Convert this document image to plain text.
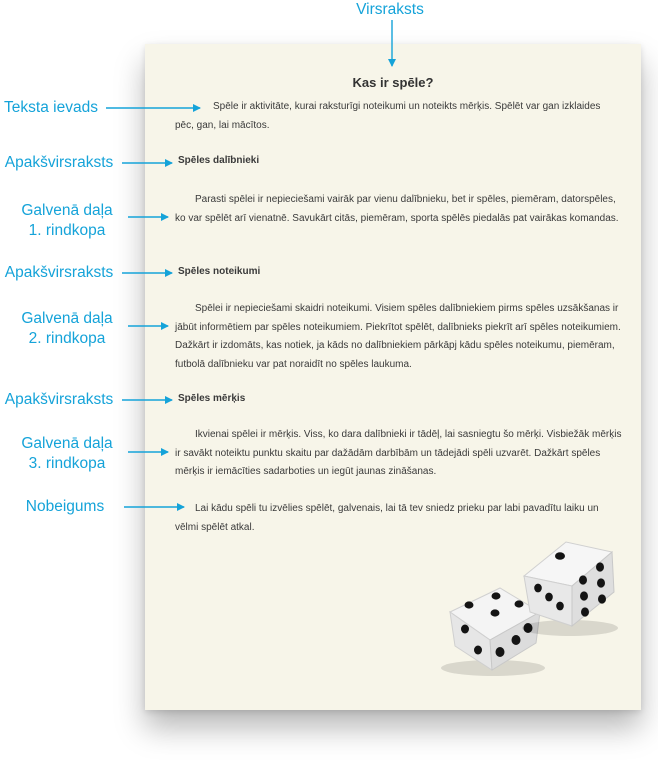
Kas ir spēle?
Spēle ir aktivitāte, kurai raksturīgi noteikumi un noteikts mērķis. Spēlēt var gan izklaides
pēc, gan, lai mācītos.
Spēles dalībnieki
Parasti spēlei ir nepieciešami vairāk par vienu dalībnieku, bet ir spēles, piemēram, datorspēles,
ko var spēlēt arī vienatnē. Savukārt citās, piemēram, sporta spēlēs piedalās pat vairākas komandas.
Spēles noteikumi
Spēlei ir nepieciešami skaidri noteikumi. Visiem spēles dalībniekiem pirms spēles uzsākšanas ir
jābūt informētiem par spēles noteikumiem. Piekrītot spēlēt, dalībnieks piekrīt arī spēles noteikumiem.
Dažkārt ir izdomāts, kas notiek, ja kāds no dalībniekiem pārkāpj kādu spēles noteikumu, piemēram,
futbolā dalībnieku var pat noraidīt no spēles laukuma.
Spēles mērķis
Ikvienai spēlei ir mērķis. Viss, ko dara dalībnieki ir tādēļ, lai sasniegtu šo mērķi. Visbiežāk mērķis
ir savākt noteiktu punktu skaitu par dažādām darbībām un tādejādi spēli uzvarēt. Dažkārt spēles
mērķis ir iemācīties sadarboties un iegūt jaunas zināšanas.
Lai kādu spēli tu izvēlies spēlēt, galvenais, lai tā tev sniedz prieku par labi pavadītu laiku un
vēlmi spēlēt atkal.
Virsraksts
Teksta ievads
Apakšvirsraksts
Galvenā daļa
1. rindkopa
Apakšvirsraksts
Galvenā daļa
2. rindkopa
Apakšvirsraksts
Galvenā daļa
3. rindkopa
Nobeigums
